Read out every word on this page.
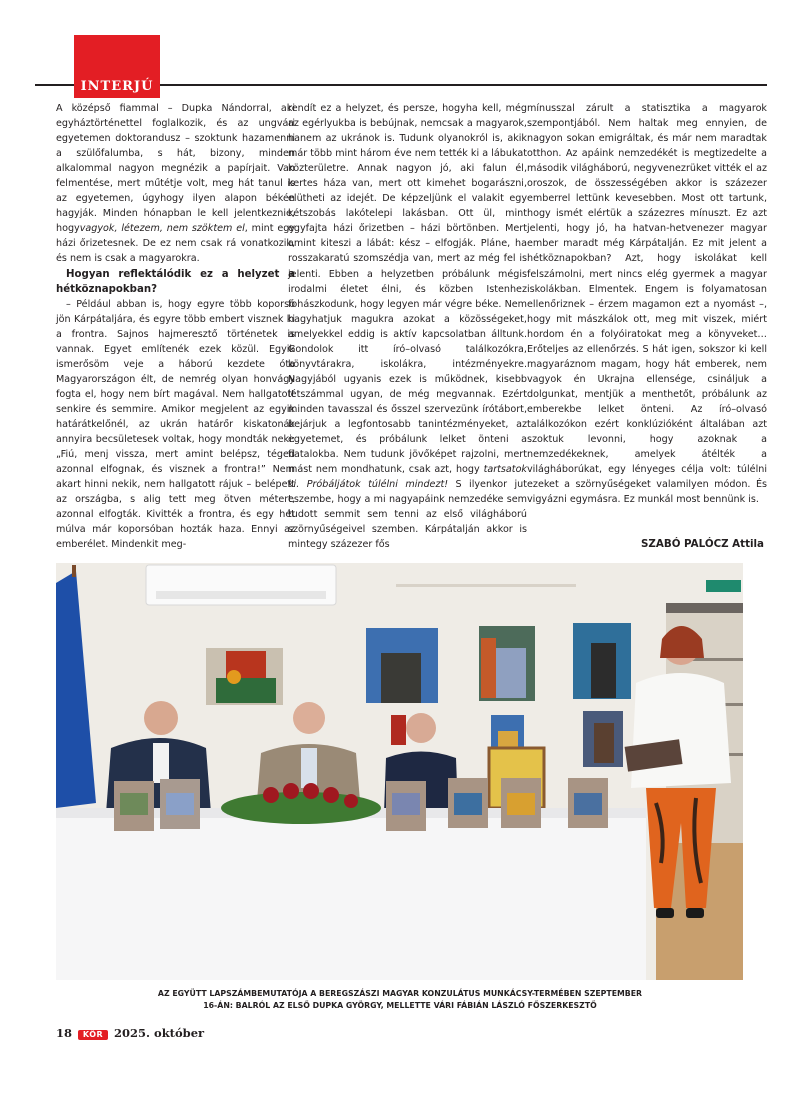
INTERJÚ

A középső fiammal – Dupka Nándorral, aki egyháztörténettel foglalkozik, és az ungvári egyetemen doktorandusz – szoktunk hazamenni a szülőfalumba, s hát, bizony, minden alkalommal nagyon megnézik a papírjait. Van felmentése, mert műtétje volt, meg hát tanul is az egyetemen, úgyhogy ilyen alapon békén hagyják. Minden hónapban le kell jelentkeznie, hogyvagyok, létezem, nem szöktem el, mint egy házi őrizetesnek. De ez nem csak rá vonatkozik, és nem is csak a magyarokra.

Hogyan reflektálódik ez a helyzet a hétköznapokban?

– Például abban is, hogy egyre több koporsó jön Kárpátaljára, és egyre több embert visznek ki a frontra. Sajnos hajmeresztő történetek is vannak. Egyet említenék ezek közül. Egyik ismerősöm veje a háború kezdete óta Magyarországon élt, de nemrég olyan honvágy fogta el, hogy nem bírt magával. Nem hallgatott senkire és semmire. Amikor megjelent az egyik határátkelőnél, az ukrán határőr kiskatonák annyira becsületesek voltak, hogy mondták neki: „Fiú, menj vissza, mert amint belépsz, téged azonnal elfognak, és visznek a frontra!” Nem akart hinni nekik, nem hallgatott rájuk – belépett az országba, s alig tett meg ötven métert, azonnal elfogták. Kivitték a frontra, és egy hét múlva már koporsóban hozták haza. Ennyi az emberélet. Mindenkit meg-

rendít ez a helyzet, és persze, hogyha kell, még az egérlyukba is bebújnak, nemcsak a magyarok, hanem az ukránok is. Tudunk olyanokról is, akik már több mint három éve nem tették ki a lábukat közterületre. Annak nagyon jó, aki falun él, kertes háza van, mert ott kimehet bogarászni, elütheti az idejét. De képzeljünk el valakit egy kétszobás lakótelepi lakásban. Ott ül, mint egyfajta házi őrizetben – házi börtönben. Mert amint kiteszi a lábát: kész – elfogják. Pláne, ha rosszakaratú szomszédja van, mert az még fel is jelenti. Ebben a helyzetben próbálunk mégis irodalmi életet élni, és közben Istenhez fohászkodunk, hogy legyen már végre béke. Nem hagyhatjuk magukra azokat a közösségeket, amelyekkel eddig is aktív kapcsolatban álltunk. Gondolok itt író–olvasó találkozókra, könyvtárakra, iskolákra, intézményekre. Nagyjából ugyanis ezek is működnek, kisebb létszámmal ugyan, de még megvannak. Ezért minden tavasszal és ősszel szervezünk írótábort, bejárjuk a legfontosabb tanintézményeket, az egyetemet, és próbálunk lelket önteni a fiatalokba. Nem tudunk jövőképet rajzolni, mert mást nem mondhatunk, csak azt, hogy tartsatok ki. Próbáljátok túlélni mindezt! S ilyenkor jut eszembe, hogy a mi nagyapáink nemzedéke sem tudott semmit sem tenni az első világháború szörnyűségeivel szemben. Kárpátalján akkor is mintegy százezer fős

mínusszal zárult a statisztika a magyarok szempontjából. Nem haltak meg ennyien, de nagyon sokan emigráltak, és már nem maradtak otthon. Az apáink nemzedékét is megtizedelte a második világháború, negyvenezrüket vitték el az oroszok, de összességében akkor is százezer emberrel lettünk kevesebben. Most ott tartunk, hogy ismét elértük a százezres mínuszt. Ez azt jelenti, hogy jó, ha hatvan-hetvenezer magyar ember maradt még Kárpátalján. Ez mit jelent a hétköznapokban? Azt, hogy iskolákat kell felszámolni, mert nincs elég gyermek a magyar iskolákban. Elmentek. Engem is folyamatosan ellenőriznek – érzem magamon ezt a nyomást –, hogy mit mászkálok ott, meg mit viszek, miért hordom én a folyóiratokat meg a könyveket… Erőteljes az ellenőrzés. S hát igen, sokszor ki kell magyaráznom magam, hogy hát emberek, nem vagyok én Ukrajna ellensége, csináljuk a dolgunkat, mentjük a menthetőt, próbálunk az emberekbe lelket önteni. Az író–olvasó találkozókon ezért konklúzióként általában azt szoktuk levonni, hogy azoknak a nemzedékeknek, amelyek átélték a világháborúkat, egy lényeges célja volt: túlélni ezeket a szörnyűségeket valamilyen módon. És vigyázni egymásra. Ez munkál most bennünk is.

SZABÓ PALÓCZ Attila
AZ EGYÜTT LAPSZÁMBEMUTATÓJA A BEREGSZÁSZI MAGYAR KONZULÁTUS MUNKÁCSY-TERMÉBEN SZEPTEMBER
16-ÁN: BALRÓL AZ ELSŐ DUPKA GYÖRGY, MELLETTE VÁRI FÁBIÁN LÁSZLÓ FŐSZERKESZTŐ
18	KÖR 2025. október
